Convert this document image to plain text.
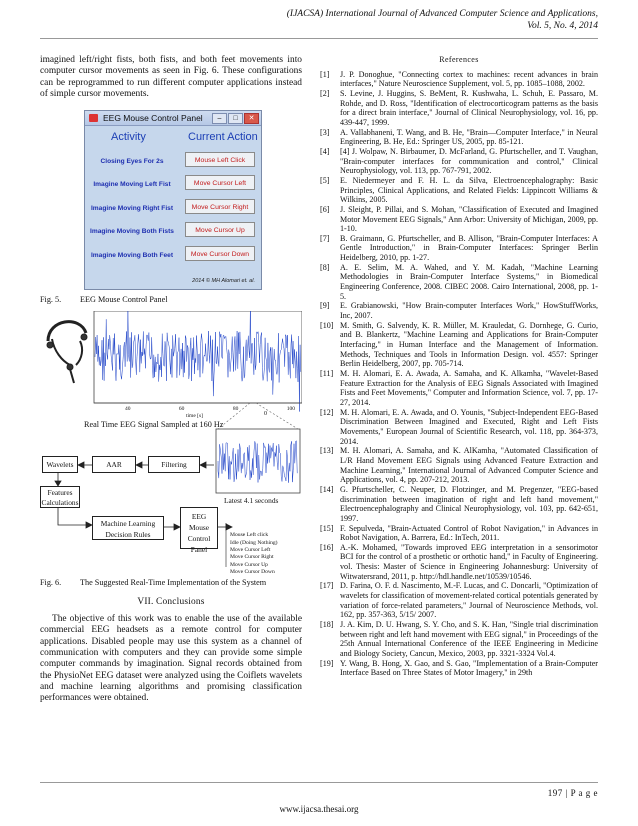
(IJACSA) International Journal of Advanced Computer Science and Applications,
Vol. 5, No. 4, 2014

imagined left/right fists, both fists, and both feet movements into computer cursor movements as seen in Fig. 6. These configurations can be reprogrammed to run different computer applications instead of simple cursor movements.

EEG Mouse Control Panel	–	□	✕
Activity	Current Action
Closing Eyes For 2s	Mouse Left Click
Imagine Moving Left Fist	Move Cursor Left
Imagine Moving Right Fist	Move Cursor Right
Imagine Moving Both Fists	Move Cursor Up
Imagine Moving Both Feet	Move Cursor Down
2014 © MH Alomari et. al.
Fig. 5. EEG Mouse Control Panel
0
40	60	80	100
time [s]
Real Time EEG Signal Sampled at 160 Hz
Wavelets	AAR	Filtering
Features Calculations	Latest 4.1 seconds
Machine Learning Decision Rules
EEG Mouse Control Panel
Mouse Left click
Idle (Doing Nothing)
Move Cursor Left
Move Cursor Right
Move Cursor Up
Move Cursor Down
Fig. 6. The Suggested Real-Time Implementation of the System
VII. Conclusions

The objective of this work was to enable the use of the available commercial EEG headsets as a remote control for computer applications. Disabled people may use this system as a channel of communication with computers and they can provide some simple computer commands by imagination. Signal records obtained from the PhysioNet EEG dataset were analyzed using the Coiflets wavelets and machine learning algorithms and promising classification performances were obtained.

References
[1]	J. P. Donoghue, "Connecting cortex to machines: recent advances in brain interfaces," Nature Neuroscience Supplement, vol. 5, pp. 1085–1088, 2002.
[2]	S. Levine, J. Huggins, S. BeMent, R. Kushwaha, L. Schuh, E. Passaro, M. Rohde, and D. Ross, "Identification of electrocorticogram patterns as the basis for a direct brain interface," Journal of Clinical Neurophysiology, vol. 16, pp. 439-447, 1999.
[3]	A. Vallabhaneni, T. Wang, and B. He, "Brain—Computer Interface," in Neural Engineering, B. He, Ed.: Springer US, 2005, pp. 85-121.
[4]	[4] J. Wolpaw, N. Birbaumer, D. McFarland, G. Pfurtscheller, and T. Vaughan, "Brain-computer interfaces for communication and control," Clinical Neurophysiology, vol. 113, pp. 767-791, 2002.
[5]	E. Niedermeyer and F. H. L. da Silva, Electroencephalography: Basic Principles, Clinical Applications, and Related Fields: Lippincott Williams & Wilkins, 2005.
[6]	J. Sleight, P. Pillai, and S. Mohan, "Classification of Executed and Imagined Motor Movement EEG Signals," Ann Arbor: University of Michigan, 2009, pp. 1-10.
[7]	B. Graimann, G. Pfurtscheller, and B. Allison, "Brain-Computer Interfaces: A Gentle Introduction," in Brain-Computer Interfaces: Springer Berlin Heidelberg, 2010, pp. 1-27.
[8]	A. E. Selim, M. A. Wahed, and Y. M. Kadah, "Machine Learning Methodologies in Brain-Computer Interface Systems," in Biomedical Engineering Conference, 2008. CIBEC 2008. Cairo International, 2008, pp. 1-5.
[9]	E. Grabianowski, "How Brain-computer Interfaces Work," HowStuffWorks, Inc, 2007.
[10] M. Smith, G. Salvendy, K. R. Müller, M. Krauledat, G. Dornhege, G. Curio, and B. Blankertz, "Machine Learning and Applications for Brain-Computer Interfacing," in Human Interface and the Management of Information. Methods, Techniques and Tools in Information Design. vol. 4557: Springer Berlin Heidelberg, 2007, pp. 705-714.
[11] M. H. Alomari, E. A. Awada, A. Samaha, and K. Alkamha, "Wavelet-Based Feature Extraction for the Analysis of EEG Signals Associated with Imagined Fists and Feet Movements," Computer and Information Science, vol. 7, pp. 17-27, 2014.
[12] M. H. Alomari, E. A. Awada, and O. Younis, "Subject-Independent EEG-Based Discrimination Between Imagined and Executed, Right and Left Fists Movements," European Journal of Scientific Research, vol. 118, pp. 364-373, 2014.
[13] M. H. Alomari, A. Samaha, and K. AlKamha, "Automated Classification of L/R Hand Movement EEG Signals using Advanced Feature Extraction and Machine Learning," International Journal of Advanced Computer Science and Applications, vol. 4, pp. 207-212, 2013.
[14] G. Pfurtscheller, C. Neuper, D. Flotzinger, and M. Pregenzer, "EEG-based discrimination between imagination of right and left hand movement," Electroencephalography and Clinical Neurophysiology, vol. 103, pp. 642-651, 1997.
[15] F. Sepulveda, "Brain-Actuated Control of Robot Navigation," in Advances in Robot Navigation, A. Barrera, Ed.: InTech, 2011.
[16] A.-K. Mohamed, "Towards improved EEG interpretation in a sensorimotor BCI for the control of a prosthetic or orthotic hand," in Faculty of Engineering. vol. Thesis: Master of Science in Engineering Johannesburg: University of Witwatersrand, 2011, p. http://hdl.handle.net/10539/10546.
[17] D. Farina, O. F. d. Nascimento, M.-F. Lucas, and C. Doncarli, "Optimization of wavelets for classification of movement-related cortical potentials generated by variation of force-related parameters," Journal of Neuroscience Methods, vol. 162, pp. 357-363, 5/15/ 2007.
[18] J. A. Kim, D. U. Hwang, S. Y. Cho, and S. K. Han, "Single trial discrimination between right and left hand movement with EEG signal," in Proceedings of the 25th Annual International Conference of the IEEE Engineering in Medicine and Biology Society, Cancun, Mexico, 2003, pp. 3321-3324 Vol.4.
[19] Y. Wang, B. Hong, X. Gao, and S. Gao, "Implementation of a Brain-Computer Interface Based on Three States of Motor Imagery," in 29th
197 | P a g e
www.ijacsa.thesai.org
